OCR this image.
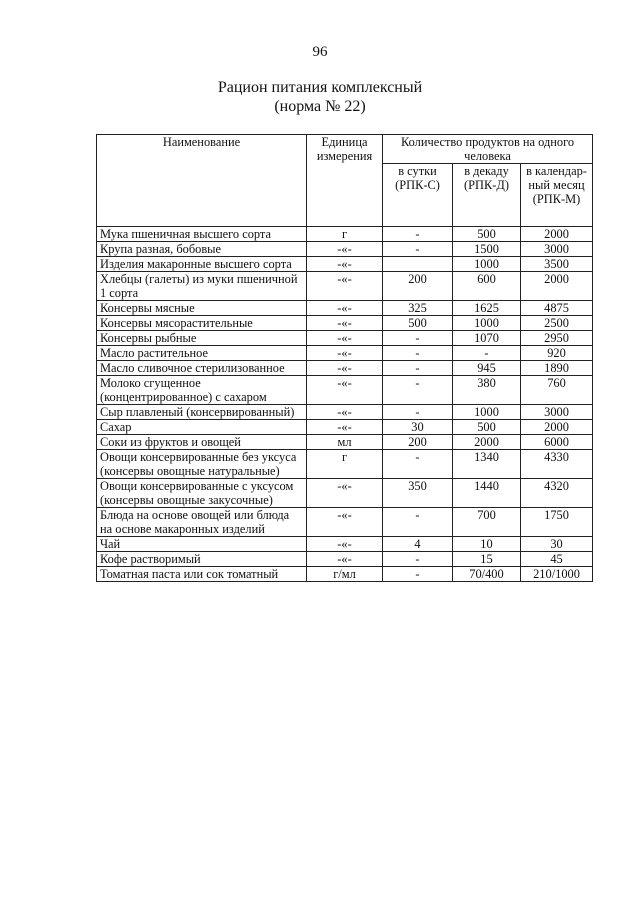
96
Рацион питания комплексный
(норма № 22)
Наименование	Единица измерения	Количество продуктов на одного человека		
		в сутки (РПК-С)	в декаду (РПК-Д)	в календар-ный месяц (РПК-М)
Мука пшеничная высшего сорта	г	-	500	2000
Крупа разная, бобовые	-«-	-	1500	3000
Изделия макаронные высшего сорта	-«-		1000	3500
Хлебцы (галеты) из муки пшеничной 1 сорта	-«-	200	600	2000
Консервы мясные	-«-	325	1625	4875
Консервы мясорастительные	-«-	500	1000	2500
Консервы рыбные	-«-	-	1070	2950
Масло растительное	-«-	-	-	920
Масло сливочное стерилизованное	-«-	-	945	1890
Молоко сгущенное (концентрированное) с сахаром	-«-	-	380	760
Сыр плавленый (консервированный)	-«-	-	1000	3000
Сахар	-«-	30	500	2000
Соки из фруктов и овощей	мл	200	2000	6000
Овощи консервированные без уксуса (консервы овощные натуральные)	г	-	1340	4330
Овощи консервированные с уксусом (консервы овощные закусочные)	-«-	350	1440	4320
Блюда на основе овощей или блюда на основе макаронных изделий	-«-	-	700	1750
Чай	-«-	4	10	30
Кофе растворимый	-«-	-	15	45
Томатная паста или сок томатный	г/мл	-	70/400	210/1000
